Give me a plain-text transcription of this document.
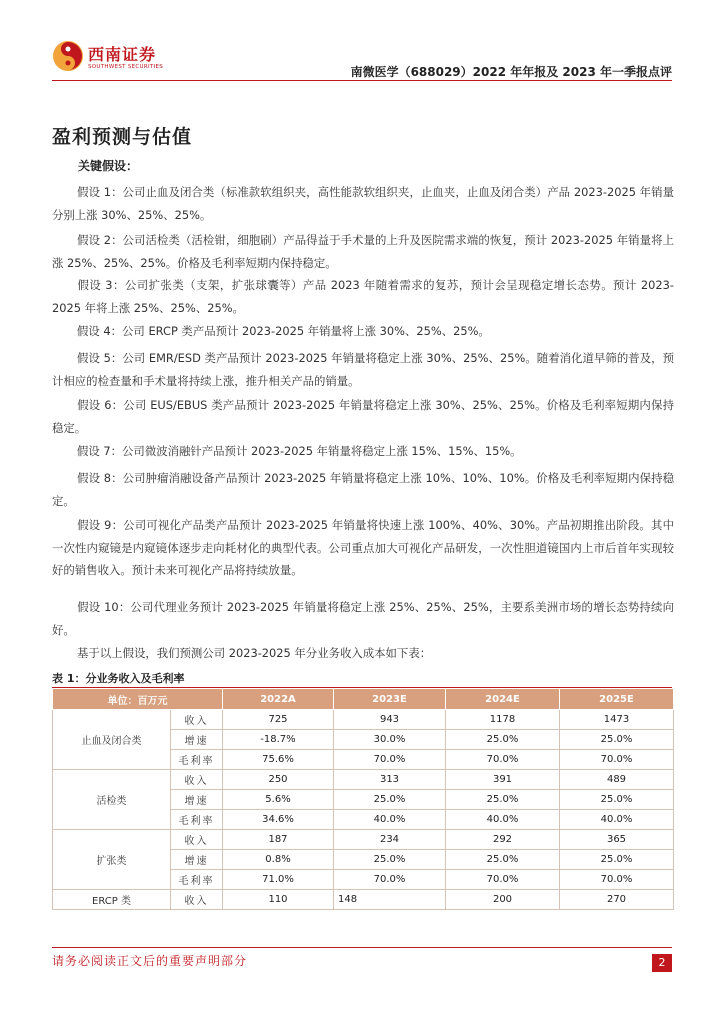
西南证券
SOUTHWEST SECURITIES	南微医学（688029）2022 年年报及 2023 年一季报点评
盈利预测与估值
关键假设：
假设 1：公司止血及闭合类（标准款软组织夹，高性能款软组织夹，止血夹，止血及闭合类）产品 2023-2025 年销量分别上涨 30%、25%、25%。
假设 2：公司活检类（活检钳，细胞刷）产品得益于手术量的上升及医院需求端的恢复，预计 2023-2025 年销量将上涨 25%、25%、25%。价格及毛利率短期内保持稳定。
假设 3：公司扩张类（支架，扩张球囊等）产品 2023 年随着需求的复苏，预计会呈现稳定增长态势。预计 2023-2025 年将上涨 25%、25%、25%。
假设 4：公司 ERCP 类产品预计 2023-2025 年销量将上涨 30%、25%、25%。
假设 5：公司 EMR/ESD 类产品预计 2023-2025 年销量将稳定上涨 30%、25%、25%。随着消化道早筛的普及，预计相应的检查量和手术量将持续上涨，推升相关产品的销量。
假设 6：公司 EUS/EBUS 类产品预计 2023-2025 年销量将稳定上涨 30%、25%、25%。价格及毛利率短期内保持稳定。
假设 7：公司微波消融针产品预计 2023-2025 年销量将稳定上涨 15%、15%、15%。
假设 8：公司肿瘤消融设备产品预计 2023-2025 年销量将稳定上涨 10%、10%、10%。价格及毛利率短期内保持稳定。
假设 9：公司可视化产品类产品预计 2023-2025 年销量将快速上涨 100%、40%、30%。产品初期推出阶段。其中一次性内窥镜是内窥镜体逐步走向耗材化的典型代表。公司重点加大可视化产品研发，一次性胆道镜国内上市后首年实现较好的销售收入。预计未来可视化产品将持续放量。
假设 10：公司代理业务预计 2023-2025 年销量将稳定上涨 25%、25%、25%，主要系美洲市场的增长态势持续向好。
基于以上假设，我们预测公司 2023-2025 年分业务收入成本如下表：
表 1：分业务收入及毛利率
单位：百万元		2022A	2023E	2024E	2025E
止血及闭合类	收入	725	943	1178	1473
	增速	-18.7%	30.0%	25.0%	25.0%
	毛利率	75.6%	70.0%	70.0%	70.0%
活检类	收入	250	313	391	489
	增速	5.6%	25.0%	25.0%	25.0%
	毛利率	34.6%	40.0%	40.0%	40.0%
扩张类	收入	187	234	292	365
	增速	0.8%	25.0%	25.0%	25.0%
	毛利率	71.0%	70.0%	70.0%	70.0%
ERCP 类	收入	110	148	200	270
请务必阅读正文后的重要声明部分	2
